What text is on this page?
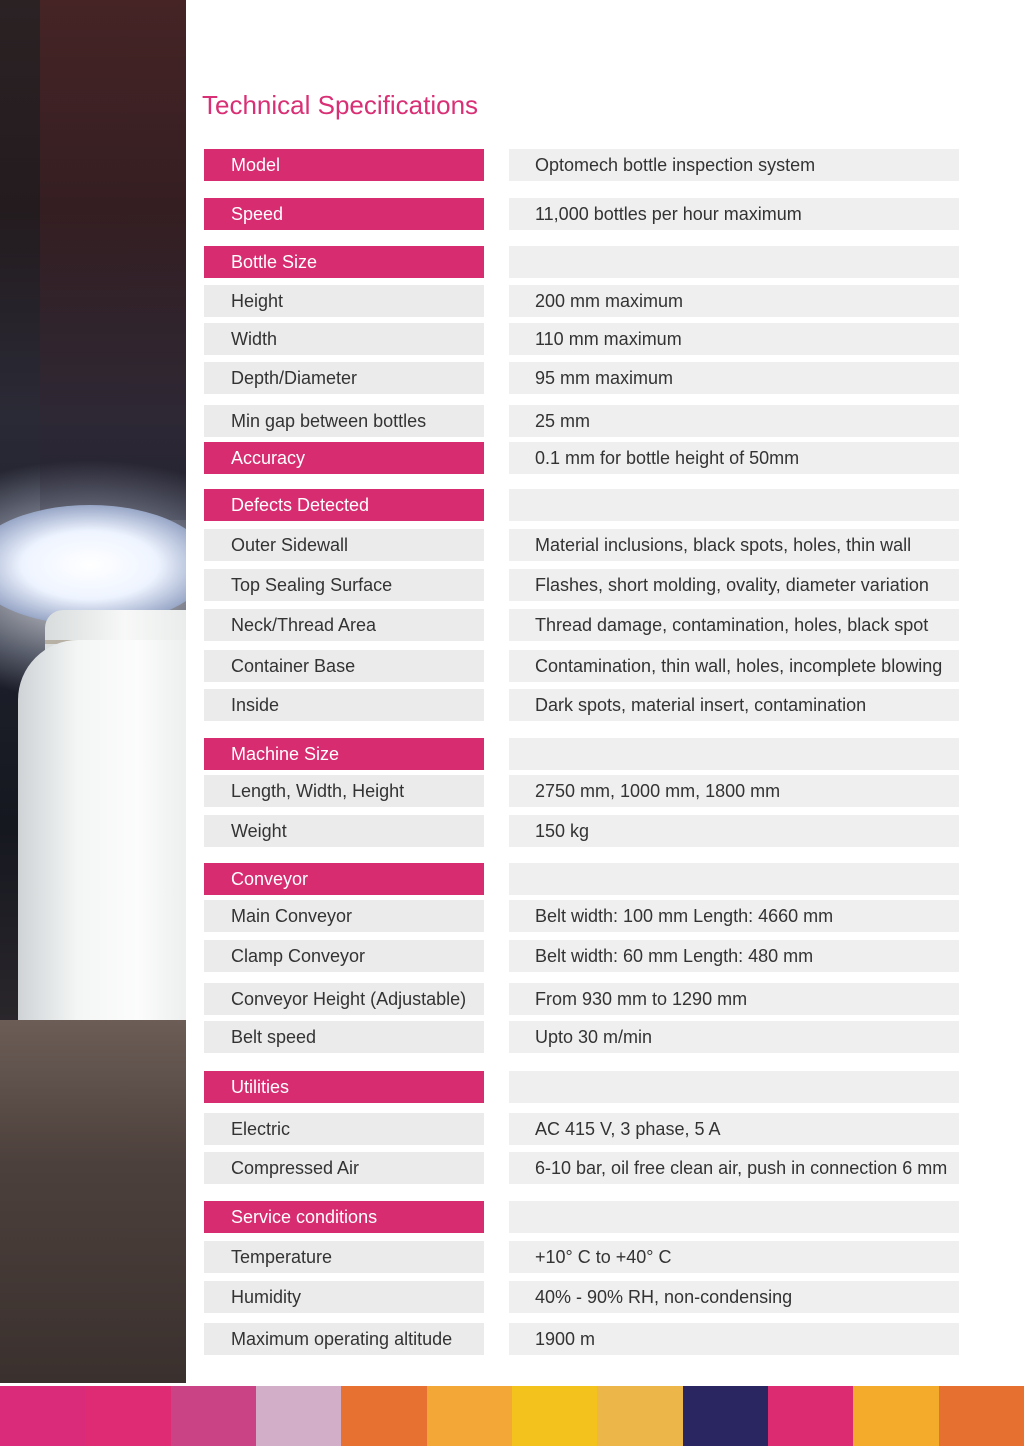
Technical Specifications
Model	Optomech bottle inspection system
Speed	11,000 bottles per hour maximum
Bottle Size
Height	200 mm maximum
Width	110 mm maximum
Depth/Diameter	95 mm maximum
Min gap between bottles	25 mm
Accuracy	0.1 mm for bottle height of 50mm
Defects Detected
Outer Sidewall	Material inclusions, black spots, holes, thin wall
Top Sealing Surface	Flashes, short molding, ovality, diameter variation
Neck/Thread Area	Thread damage, contamination, holes, black spot
Container Base	Contamination, thin wall, holes, incomplete blowing
Inside	Dark spots, material insert, contamination
Machine Size
Length, Width, Height	2750 mm, 1000 mm, 1800 mm
Weight	150 kg
Conveyor
Main Conveyor	Belt width: 100 mm Length: 4660 mm
Clamp Conveyor	Belt width: 60 mm Length: 480 mm
Conveyor Height (Adjustable)	From 930 mm to 1290 mm
Belt speed	Upto 30 m/min
Utilities
Electric	AC 415 V, 3 phase, 5 A
Compressed Air	6-10 bar, oil free clean air, push in connection 6 mm
Service conditions
Temperature	+10° C to +40° C
Humidity	40% - 90% RH, non-condensing
Maximum operating altitude	1900 m
